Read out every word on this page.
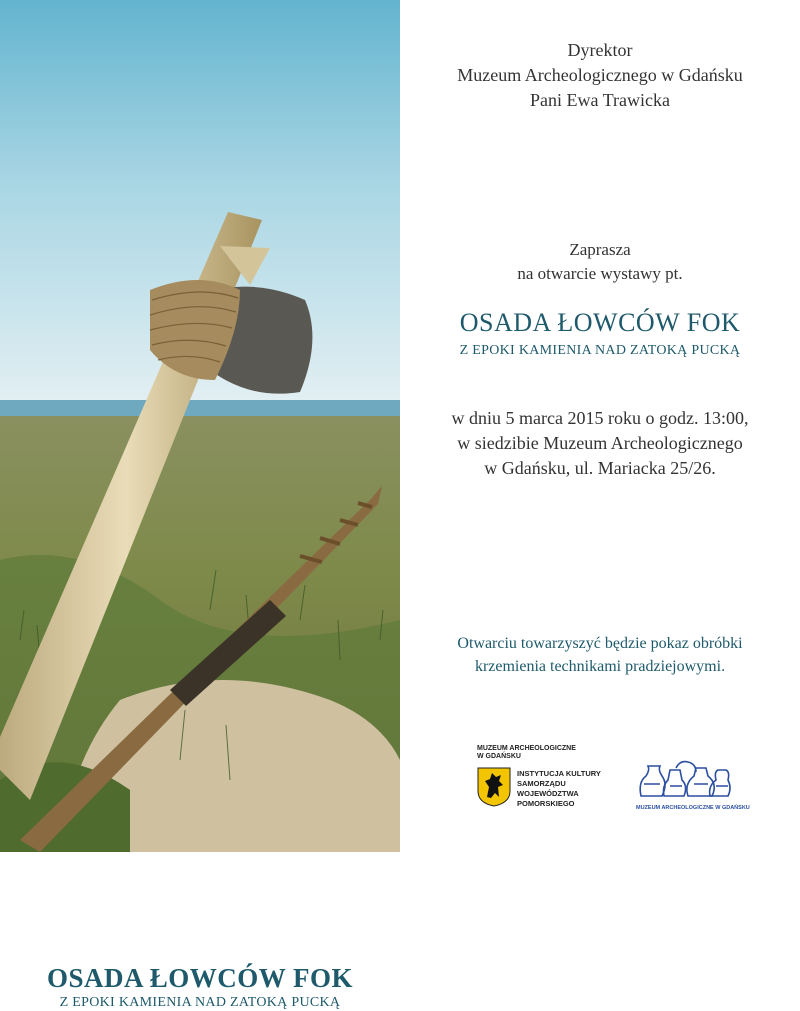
OSADA ŁOWCÓW FOK
Z EPOKI KAMIENIA NAD ZATOKĄ PUCKĄ
Dyrektor
Muzeum Archeologicznego w Gdańsku
Pani Ewa Trawicka
Zaprasza
na otwarcie wystawy pt.
OSADA ŁOWCÓW FOK
Z EPOKI KAMIENIA NAD ZATOKĄ PUCKĄ
w dniu 5 marca 2015 roku o godz. 13:00,
w siedzibie Muzeum Archeologicznego
w Gdańsku, ul. Mariacka 25/26.
Otwarciu towarzyszyć będzie pokaz obróbki
krzemienia technikami pradziejowymi.
MUZEUM ARCHEOLOGICZNE
W GDAŃSKU
INSTYTUCJA KULTURY
SAMORZĄDU
WOJEWÓDZTWA
POMORSKIEGO	MUZEUM ARCHEOLOGICZNE W GDAŃSKU
